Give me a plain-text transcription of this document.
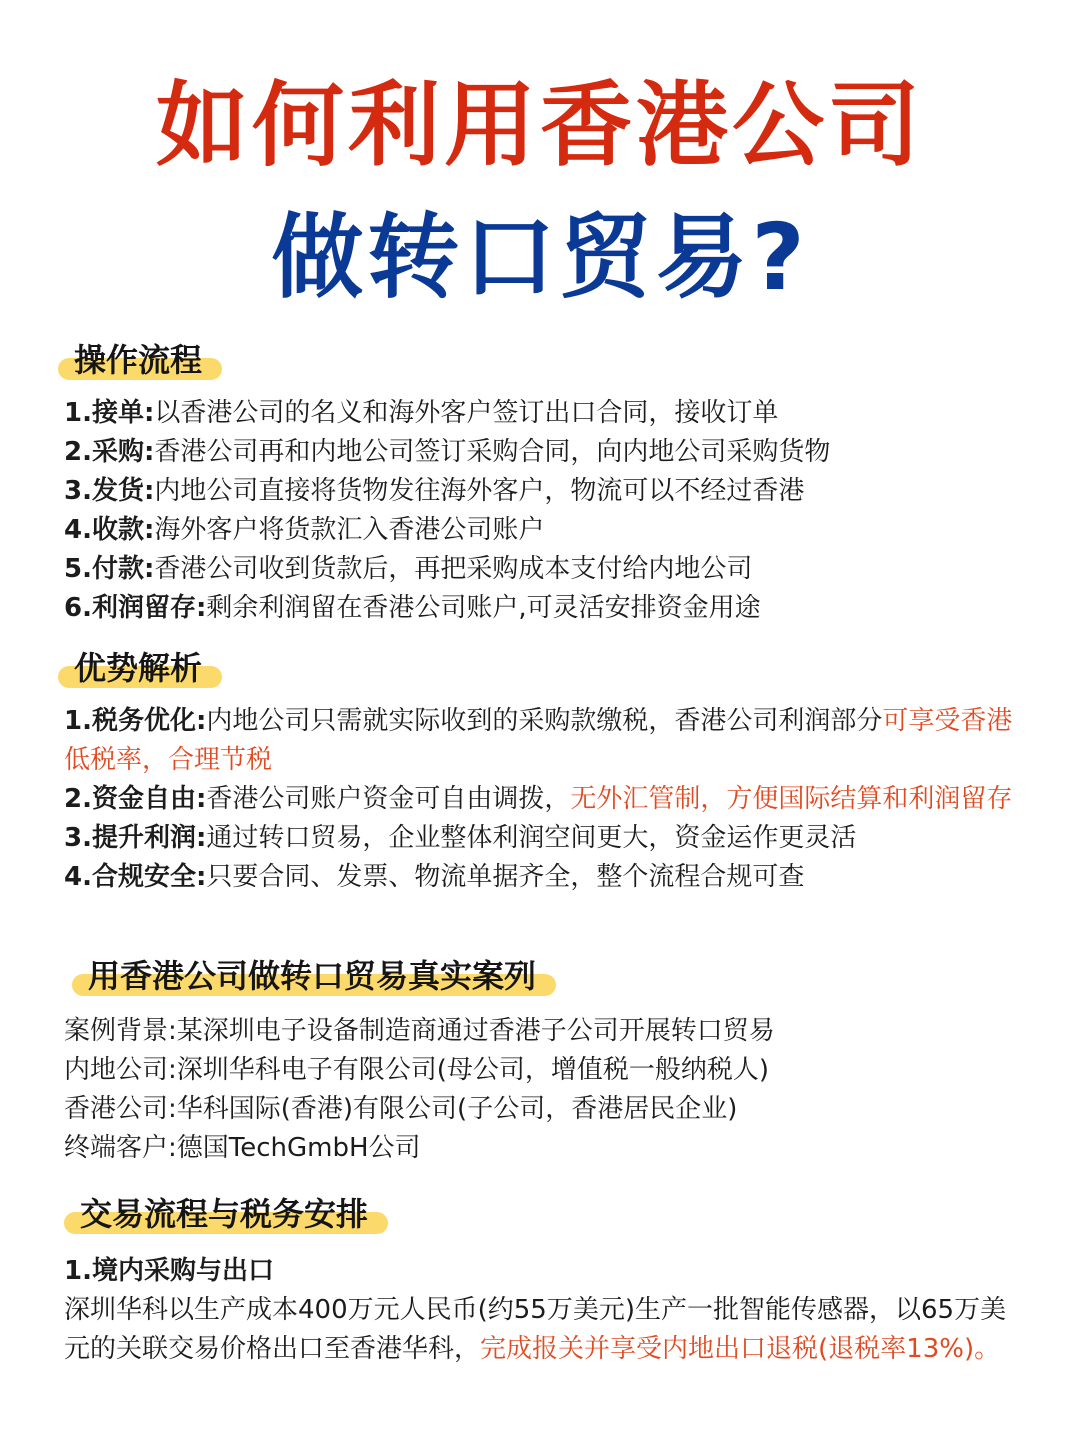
如何利用香港公司
做转口贸易?
操作流程

1.接单:以香港公司的名义和海外客户签订出口合同，接收订单

2.采购:香港公司再和内地公司签订采购合同，向内地公司采购货物

3.发货:内地公司直接将货物发往海外客户，物流可以不经过香港

4.收款:海外客户将货款汇入香港公司账户

5.付款:香港公司收到货款后，再把采购成本支付给内地公司

6.利润留存:剩余利润留在香港公司账户,可灵活安排资金用途

优势解析

1.税务优化:内地公司只需就实际收到的采购款缴税，香港公司利润部分可享受香港低税率，合理节税

2.资金自由:香港公司账户资金可自由调拨，无外汇管制，方便国际结算和利润留存

3.提升利润:通过转口贸易，企业整体利润空间更大，资金运作更灵活

4.合规安全:只要合同、发票、物流单据齐全，整个流程合规可查

用香港公司做转口贸易真实案列

案例背景:某深圳电子设备制造商通过香港子公司开展转口贸易

内地公司:深圳华科电子有限公司(母公司，增值税一般纳税人)

香港公司:华科国际(香港)有限公司(子公司，香港居民企业)

终端客户:德国TechGmbH公司

交易流程与税务安排

1.境内采购与出口

深圳华科以生产成本400万元人民币(约55万美元)生产一批智能传感器，以65万美元的关联交易价格出口至香港华科，完成报关并享受内地出口退税(退税率13%)。
